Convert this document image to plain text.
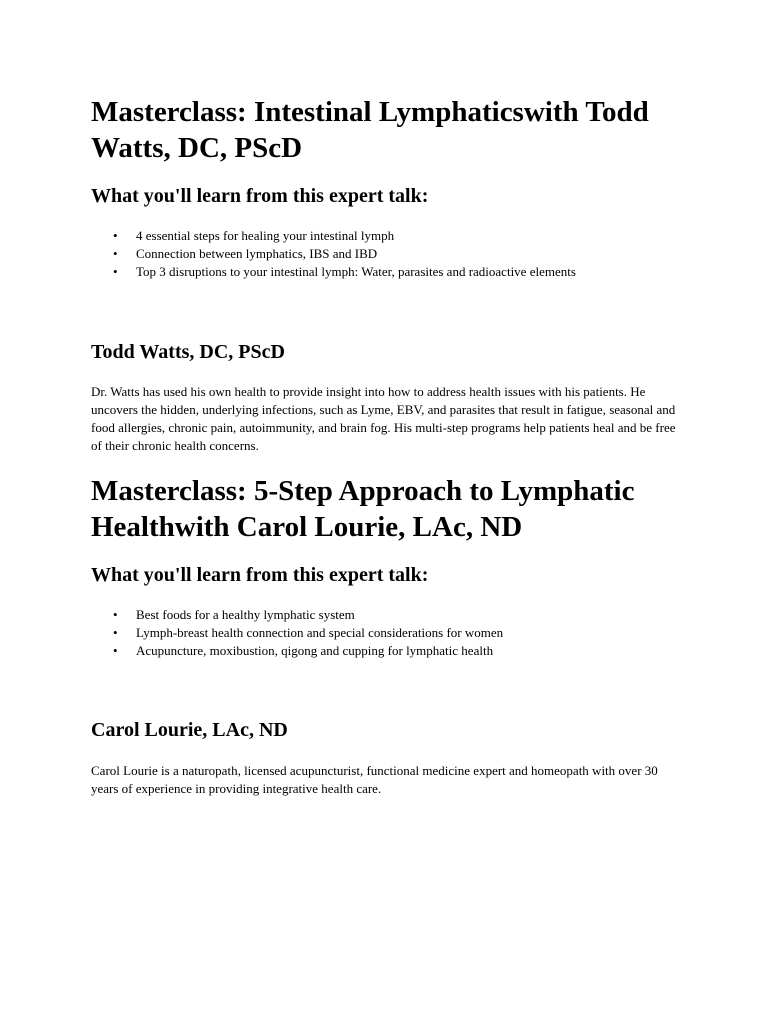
Masterclass: Intestinal Lymphaticswith Todd Watts, DC, PScD
What you'll learn from this expert talk:
• 4 essential steps for healing your intestinal lymph
• Connection between lymphatics, IBS and IBD
• Top 3 disruptions to your intestinal lymph: Water, parasites and radioactive elements
Todd Watts, DC, PScD

Dr. Watts has used his own health to provide insight into how to address health issues with his patients. He uncovers the hidden, underlying infections, such as Lyme, EBV, and parasites that result in fatigue, seasonal and food allergies, chronic pain, autoimmunity, and brain fog. His multi-step programs help patients heal and be free of their chronic health concerns.

Masterclass: 5-Step Approach to Lymphatic Healthwith Carol Lourie, LAc, ND
What you'll learn from this expert talk:
• Best foods for a healthy lymphatic system
• Lymph-breast health connection and special considerations for women
• Acupuncture, moxibustion, qigong and cupping for lymphatic health
Carol Lourie, LAc, ND

Carol Lourie is a naturopath, licensed acupuncturist, functional medicine expert and homeopath with over 30 years of experience in providing integrative health care.
